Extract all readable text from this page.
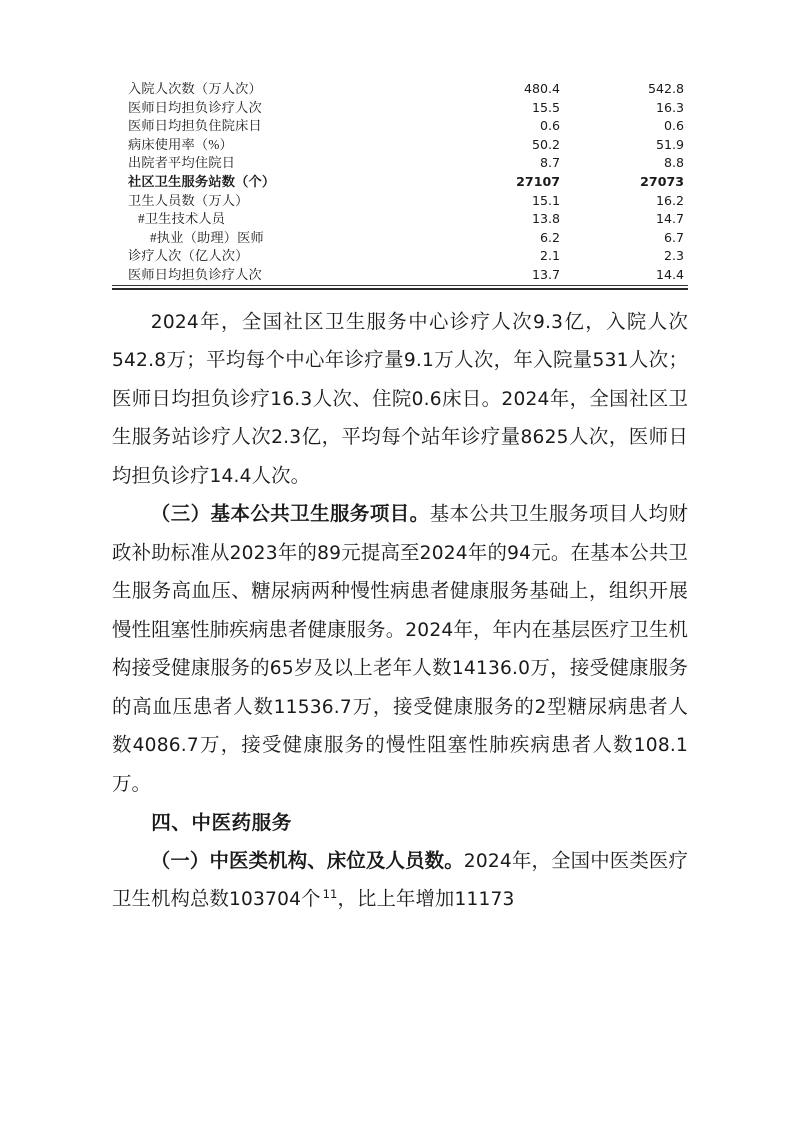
入院人次数（万人次）	480.4	542.8
医师日均担负诊疗人次	15.5	16.3
医师日均担负住院床日	0.6	0.6
病床使用率（%）	50.2	51.9
出院者平均住院日	8.7	8.8
社区卫生服务站数（个）	27107	27073
卫生人员数（万人）	15.1	16.2
#卫生技术人员	13.8	14.7
#执业（助理）医师	6.2	6.7
诊疗人次（亿人次）	2.1	2.3
医师日均担负诊疗人次	13.7	14.4

2024年，全国社区卫生服务中心诊疗人次9.3亿，入院人次542.8万；平均每个中心年诊疗量9.1万人次，年入院量531人次；医师日均担负诊疗16.3人次、住院0.6床日。2024年，全国社区卫生服务站诊疗人次2.3亿，平均每个站年诊疗量8625人次，医师日均担负诊疗14.4人次。

（三）基本公共卫生服务项目。基本公共卫生服务项目人均财政补助标准从2023年的89元提高至2024年的94元。在基本公共卫生服务高血压、糖尿病两种慢性病患者健康服务基础上，组织开展慢性阻塞性肺疾病患者健康服务。2024年，年内在基层医疗卫生机构接受健康服务的65岁及以上老年人数14136.0万，接受健康服务的高血压患者人数11536.7万，接受健康服务的2型糖尿病患者人数4086.7万，接受健康服务的慢性阻塞性肺疾病患者人数108.1万。

四、中医药服务

（一）中医类机构、床位及人员数。2024年，全国中医类医疗卫生机构总数103704个 $^{11}$，比上年增加11173
